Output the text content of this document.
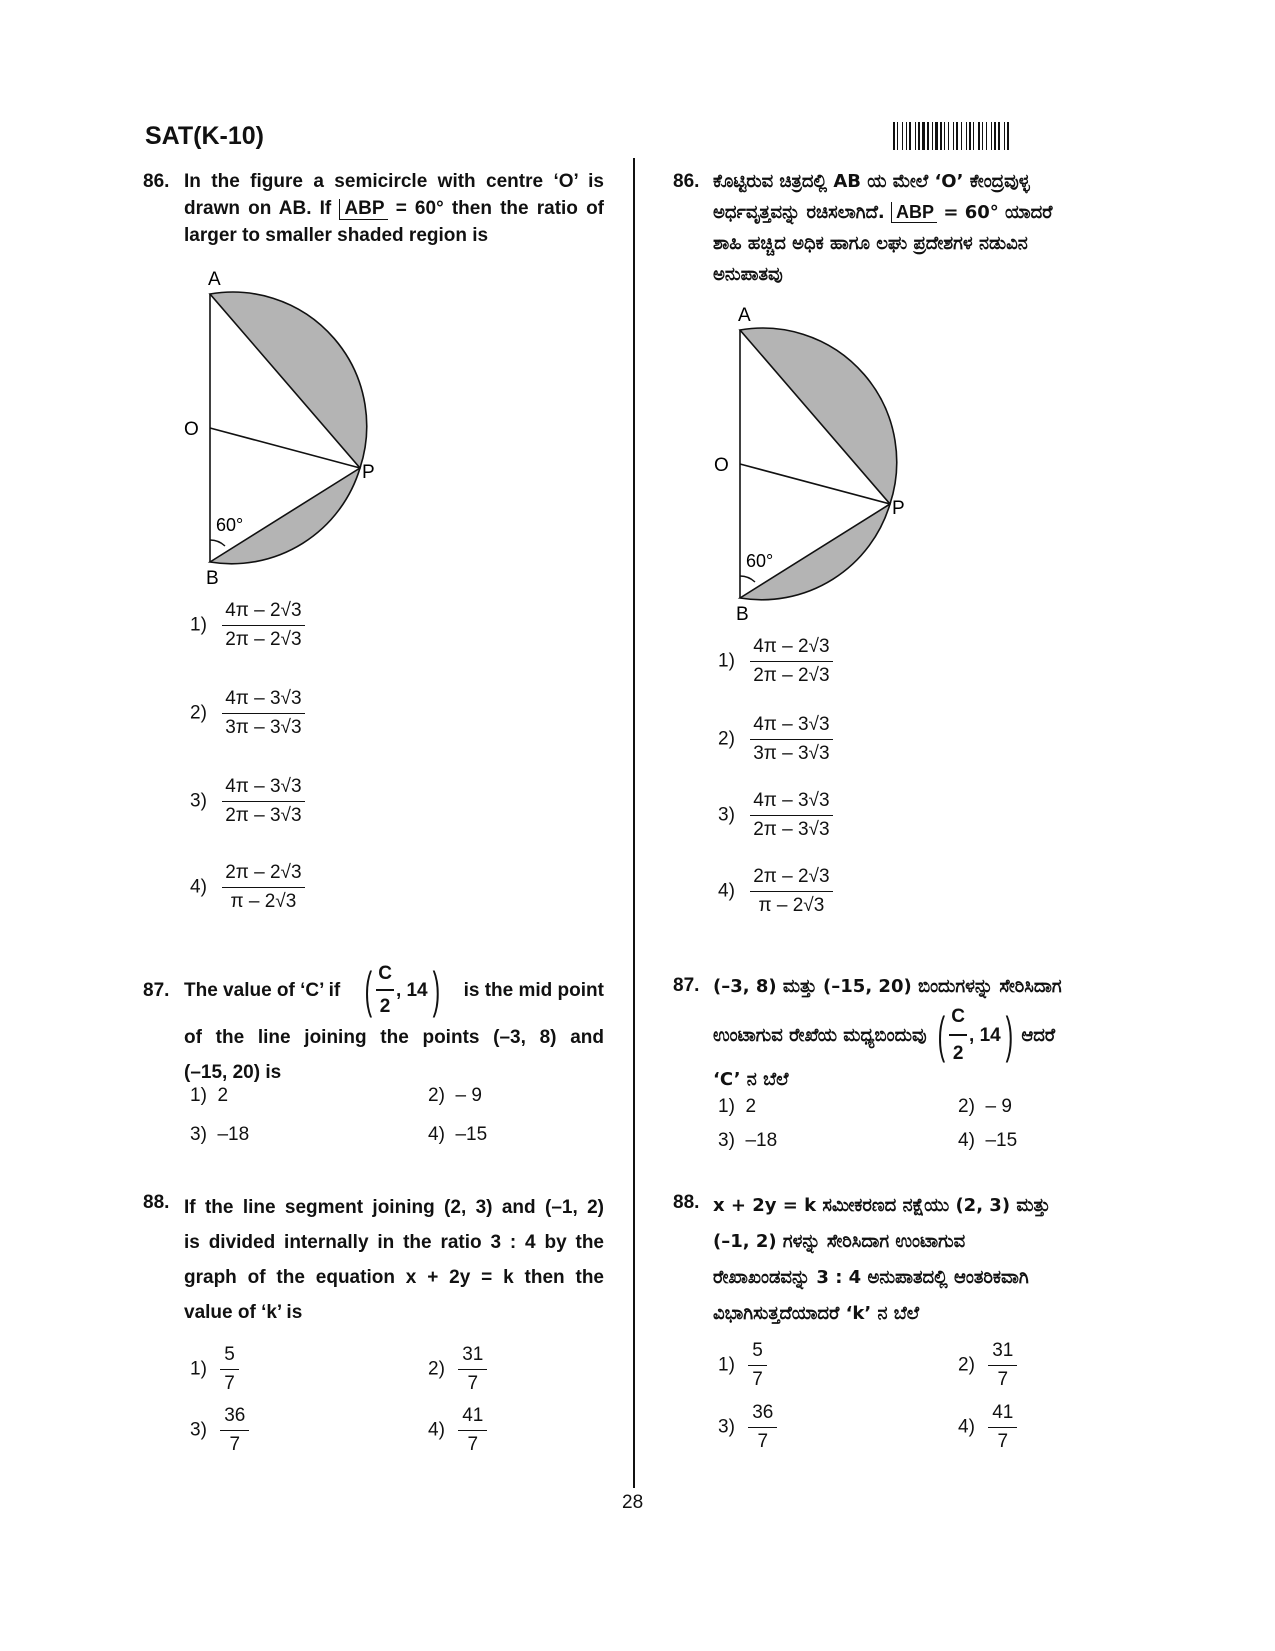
SAT(K-10)
86. In the figure a semicircle with centre ‘O’ is
drawn on AB. If ABP = 60° then the ratio of
larger to smaller shaded region is
A
O
P
B
60°
$1) \frac{4\pi - 2√3}{2\pi - 2√3}$
$2) \frac{4\pi - 3√3}{3\pi - 3√3}$
$3) \frac{4\pi - 3√3}{2\pi - 3√3}$
$4) \frac{2\pi - 2√3}{\pi - 2√3}$
87. The value of ‘C’ if ( $\frac{C}{2}$ , 14 ) is the mid point
of the line joining the points (–3, 8) and
(–15, 20) is
1) 2	2) – 9
3) –18	4) –15
88. If the line segment joining (2, 3) and (–1, 2)
is divided internally in the ratio 3 : 4 by the
graph of the equation x + 2y = k then the
value of ‘k’ is
$1) \frac{5}{7}$	$2) \frac{31}{7}$
$3) \frac{36}{7}$	$4) \frac{41}{7}$
86. ಕೊಟ್ಟಿರುವ ಚಿತ್ರದಲ್ಲಿ AB ಯ ಮೇಲೆ ‘O’ ಕೇಂದ್ರವುಳ್ಳ
ಅರ್ಧವೃತ್ತವನ್ನು ರಚಿಸಲಾಗಿದೆ. ABP = 60° ಯಾದರೆ
ಶಾಹಿ ಹಚ್ಚಿದ ಅಧಿಕ ಹಾಗೂ ಲಘು ಪ್ರದೇಶಗಳ ನಡುವಿನ
ಅನುಪಾತವು
A
O
P
B
60°
$1) \frac{4\pi - 2√3}{2\pi - 2√3}$
$2) \frac{4\pi - 3√3}{3\pi - 3√3}$
$3) \frac{4\pi - 3√3}{2\pi - 3√3}$
$4) \frac{2\pi - 2√3}{\pi - 2√3}$
87. (–3, 8) ಮತ್ತು (–15, 20) ಬಿಂದುಗಳನ್ನು ಸೇರಿಸಿದಾಗ
ಉಂಟಾಗುವ ರೇಖೆಯ ಮಧ್ಯಬಿಂದುವು ( $\frac{C}{2}$ , 14 ) ಆದರೆ
‘C’ ನ ಬೆಲೆ
1) 2	2) – 9
3) –18	4) –15
88. x + 2y = k ಸಮೀಕರಣದ ನಕ್ಷೆಯು (2, 3) ಮತ್ತು
(–1, 2) ಗಳನ್ನು ಸೇರಿಸಿದಾಗ ಉಂಟಾಗುವ
ರೇಖಾಖಂಡವನ್ನು 3 : 4 ಅನುಪಾತದಲ್ಲಿ ಆಂತರಿಕವಾಗಿ
ವಿಭಾಗಿಸುತ್ತದೆಯಾದರೆ ‘k’ ನ ಬೆಲೆ
$1) \frac{5}{7}$	$2) \frac{31}{7}$
$3) \frac{36}{7}$	$4) \frac{41}{7}$
28
